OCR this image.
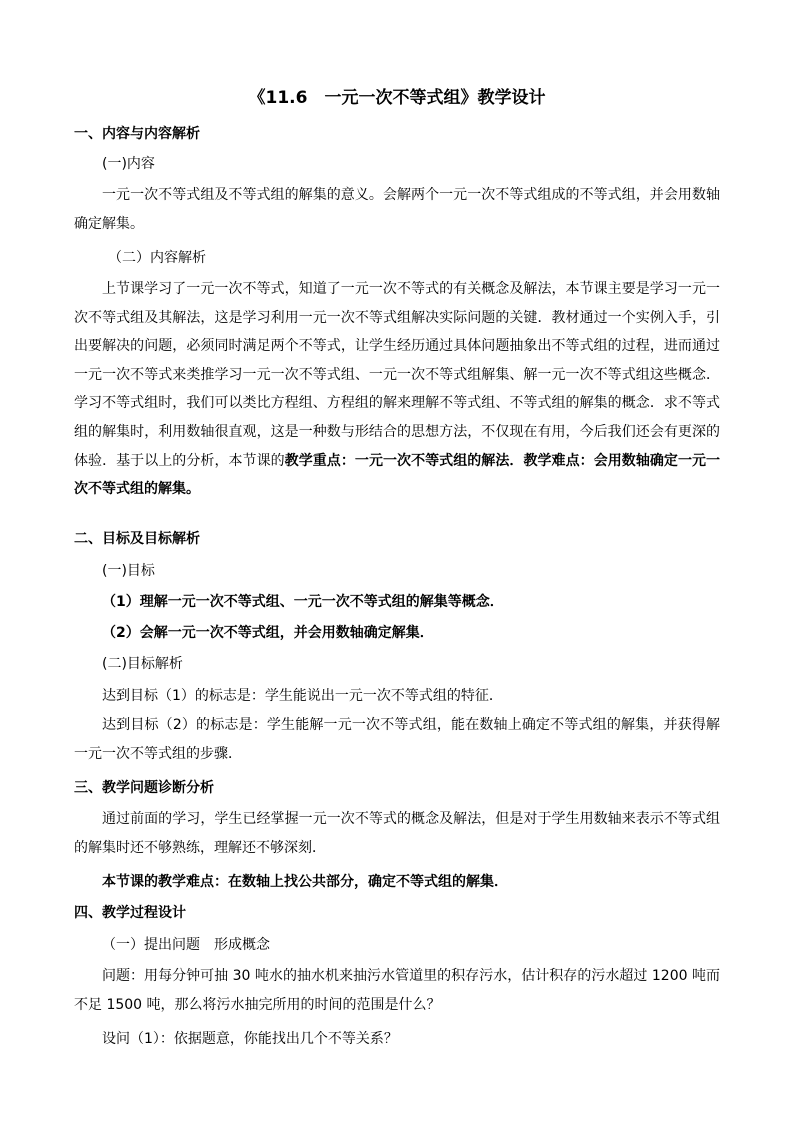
《11.6　一元一次不等式组》教学设计
一、内容与内容解析
(一)内容

一元一次不等式组及不等式组的解集的意义。会解两个一元一次不等式组成的不等式组，并会用数轴确定解集。

（二）内容解析

上节课学习了一元一次不等式，知道了一元一次不等式的有关概念及解法，本节课主要是学习一元一次不等式组及其解法，这是学习利用一元一次不等式组解决实际问题的关键．教材通过一个实例入手，引出要解决的问题，必须同时满足两个不等式，让学生经历通过具体问题抽象出不等式组的过程，进而通过一元一次不等式来类推学习一元一次不等式组、一元一次不等式组解集、解一元一次不等式组这些概念．学习不等式组时，我们可以类比方程组、方程组的解来理解不等式组、不等式组的解集的概念．求不等式组的解集时，利用数轴很直观，这是一种数与形结合的思想方法，不仅现在有用，今后我们还会有更深的体验．基于以上的分析，本节课的教学重点：一元一次不等式组的解法．教学难点：会用数轴确定一元一次不等式组的解集。

二、目标及目标解析
(一)目标
（1）理解一元一次不等式组、一元一次不等式组的解集等概念．
（2）会解一元一次不等式组，并会用数轴确定解集．
(二)目标解析
达到目标（1）的标志是：学生能说出一元一次不等式组的特征．

达到目标（2）的标志是：学生能解一元一次不等式组，能在数轴上确定不等式组的解集，并获得解一元一次不等式组的步骤．

三、教学问题诊断分析

通过前面的学习，学生已经掌握一元一次不等式的概念及解法，但是对于学生用数轴来表示不等式组的解集时还不够熟练，理解还不够深刻．

本节课的教学难点：在数轴上找公共部分，确定不等式组的解集．
四、教学过程设计
（一）提出问题　形成概念

问题：用每分钟可抽 30 吨水的抽水机来抽污水管道里的积存污水，估计积存的污水超过 1200 吨而不足 1500 吨，那么将污水抽完所用的时间的范围是什么？

设问（1）：依据题意，你能找出几个不等关系？
